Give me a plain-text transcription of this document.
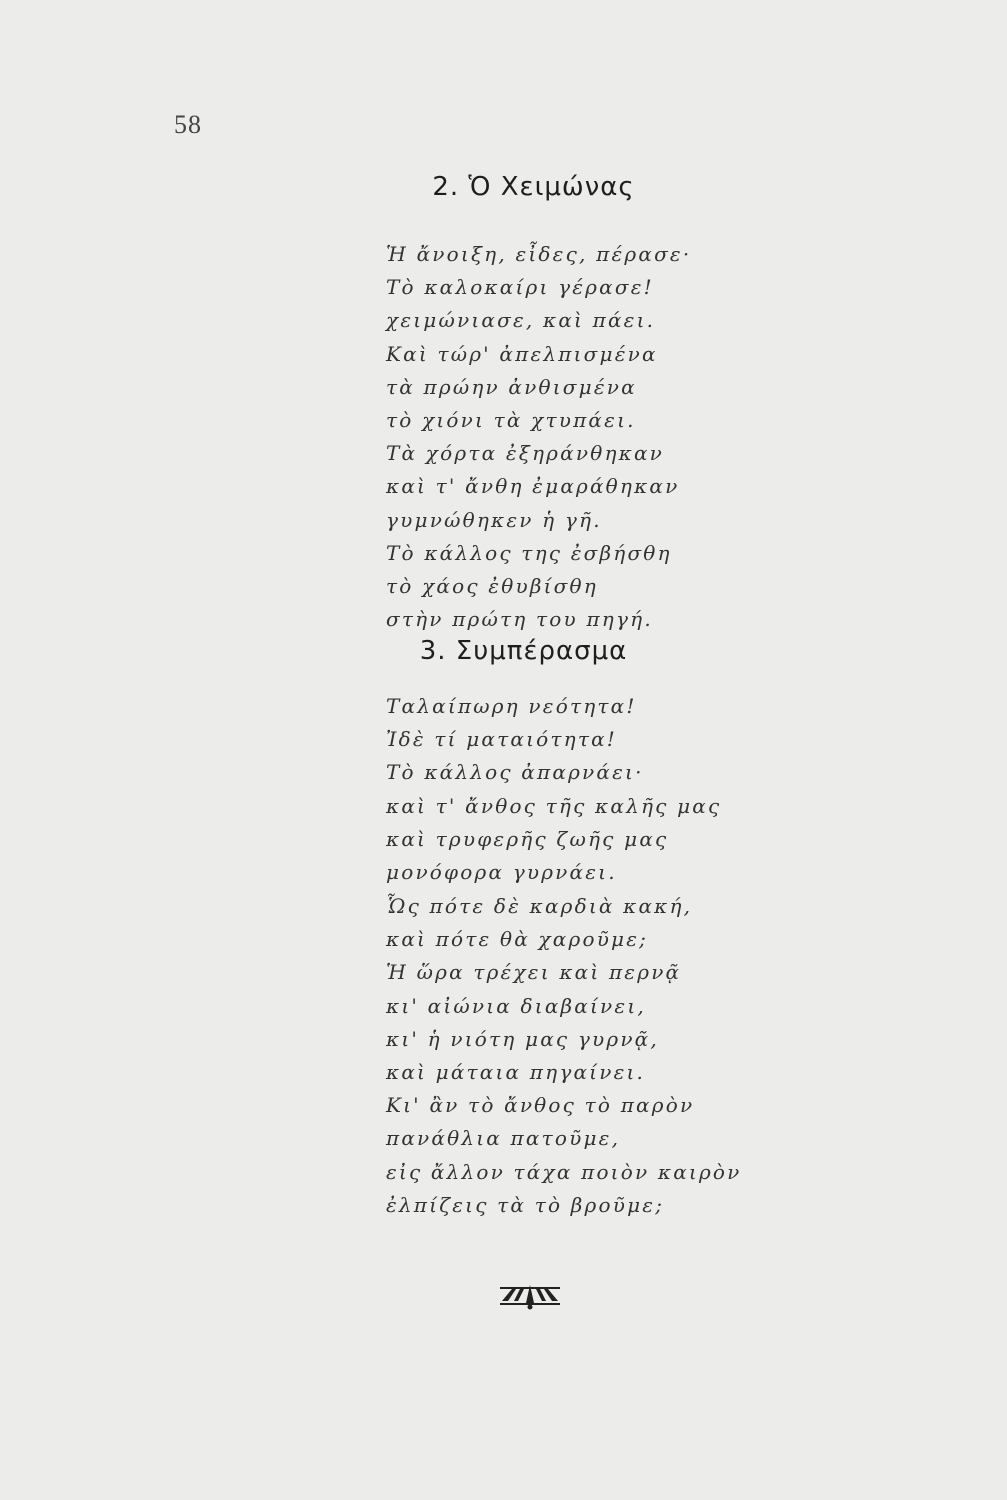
58
2. Ὁ Χειμώνας
Ἡ ἄνοιξη, εἶδες, πέρασε·
Τὸ καλοκαίρι γέρασε!
χειμώνιασε, καὶ πάει.
Καὶ τώρ' ἀπελπισμένα
τὰ πρώην ἀνθισμένα
τὸ χιόνι τὰ χτυπάει.
Τὰ χόρτα ἐξηράνθηκαν
καὶ τ' ἄνθη ἐμαράθηκαν
γυμνώθηκεν ἡ γῆ.
Τὸ κάλλος της ἐσβήσθη
τὸ χάος ἐθυβίσθη
στὴν πρώτη του πηγή.
3. Συμπέρασμα
Ταλαίπωρη νεότητα!
Ἰδὲ τί ματαιότητα!
Τὸ κάλλος ἀπαρνάει·
καὶ τ' ἄνθος τῆς καλῆς μας
καὶ τρυφερῆς ζωῆς μας
μονόφορα γυρνάει.
Ὧς πότε δὲ καρδιὰ κακή,
καὶ πότε θὰ χαροῦμε;
Ἡ ὥρα τρέχει καὶ περνᾷ
κι' αἰώνια διαβαίνει,
κι' ἡ νιότη μας γυρνᾷ,
καὶ μάταια πηγαίνει.
Κι' ἂν τὸ ἄνθος τὸ παρὸν
πανάθλια πατοῦμε,
εἰς ἄλλον τάχα ποιὸν καιρὸν
ἐλπίζεις τὰ τὸ βροῦμε;
